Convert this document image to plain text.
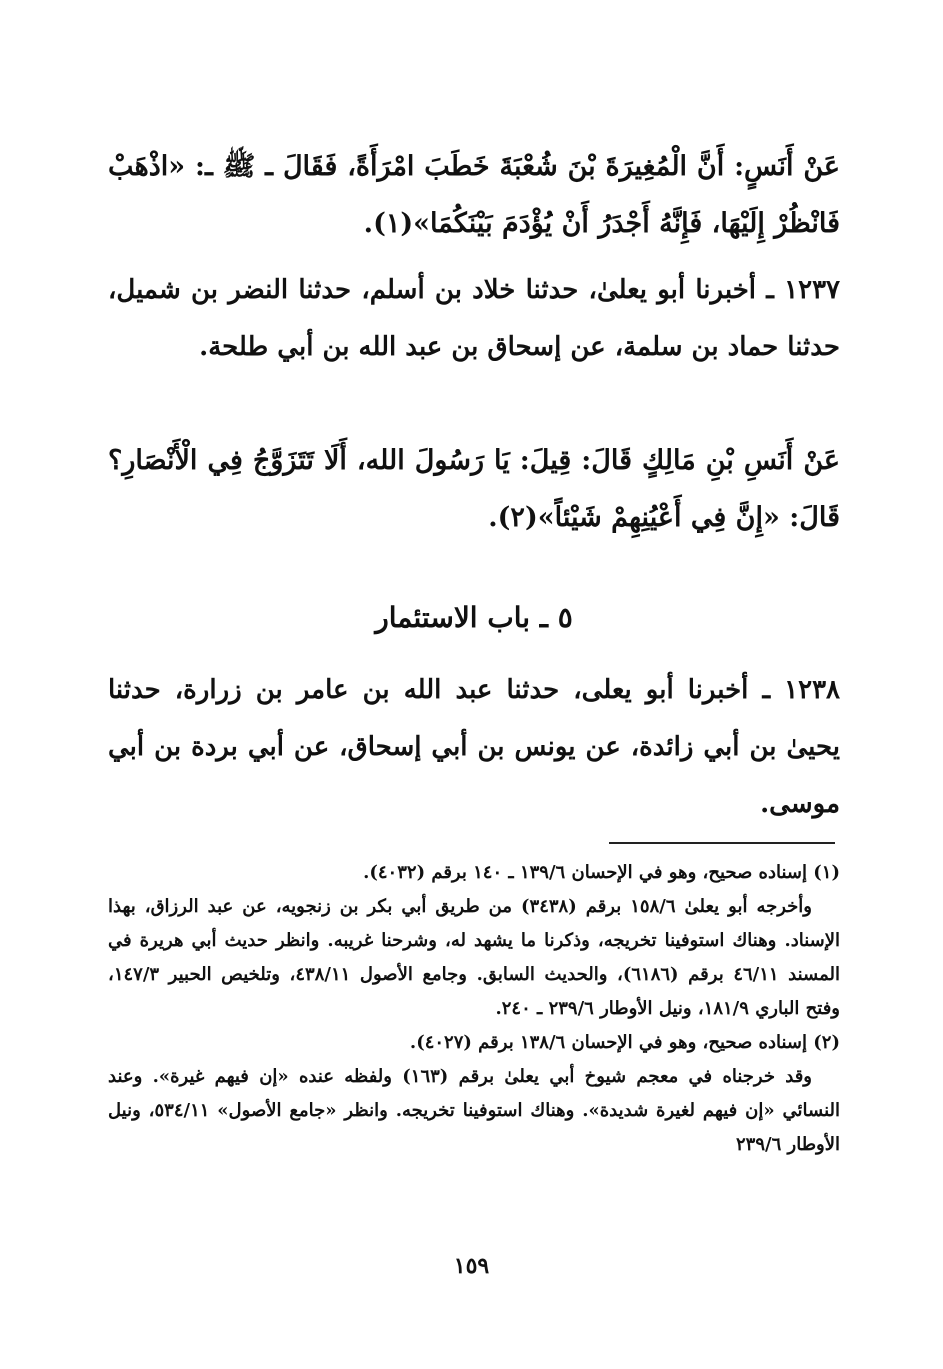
عَنْ أَنَسٍ: أَنَّ الْمُغِيرَةَ بْنَ شُعْبَةَ خَطَبَ امْرَأَةً، فَقَالَ ـ ﷺ ـ: «اذْهَبْ فَانْظُرْ إِلَيْهَا، فَإِنَّهُ أَجْدَرُ أَنْ يُؤْدَمَ بَيْنَكُمَا»(١).

١٢٣٧ ـ أخبرنا أبو يعلىٰ، حدثنا خلاد بن أسلم، حدثنا النضر بن شميل، حدثنا حماد بن سلمة، عن إسحاق بن عبد الله بن أبي طلحة.

عَنْ أَنَسِ بْنِ مَالِكٍ قَالَ: قِيلَ: يَا رَسُولَ الله، أَلَا تَتَزَوَّجُ فِي الْأَنْصَارِ؟ قَالَ: «إِنَّ فِي أَعْيُنِهِمْ شَيْئاً»(٢).

٥ ـ باب الاستئمار

١٢٣٨ ـ أخبرنا أبو يعلى، حدثنا عبد الله بن عامر بن زرارة، حدثنا يحيىٰ بن أبي زائدة، عن يونس بن أبي إسحاق، عن أبي بردة بن أبي موسى.

(١) إسناده صحيح، وهو في الإحسان ١٣٩/٦ ـ ١٤٠ برقم (٤٠٣٢).

وأخرجه أبو يعلىٰ ١٥٨/٦ برقم (٣٤٣٨) من طريق أبي بكر بن زنجويه، عن عبد الرزاق، بهذا الإسناد. وهناك استوفينا تخريجه، وذكرنا ما يشهد له، وشرحنا غريبه. وانظر حديث أبي هريرة في المسند ٤٦/١١ برقم (٦١٨٦)، والحديث السابق. وجامع الأصول ٤٣٨/١١، وتلخيص الحبير ١٤٧/٣، وفتح الباري ١٨١/٩، ونيل الأوطار ٢٣٩/٦ ـ ٢٤٠.

(٢) إسناده صحيح، وهو في الإحسان ١٣٨/٦ برقم (٤٠٢٧).

وقد خرجناه في معجم شيوخ أبي يعلىٰ برقم (١٦٣) ولفظه عنده «إن فيهم غيرة». وعند النسائي «إن فيهم لغيرة شديدة». وهناك استوفينا تخريجه. وانظر «جامع الأصول» ٥٣٤/١١، ونيل الأوطار ٢٣٩/٦

١٥٩
